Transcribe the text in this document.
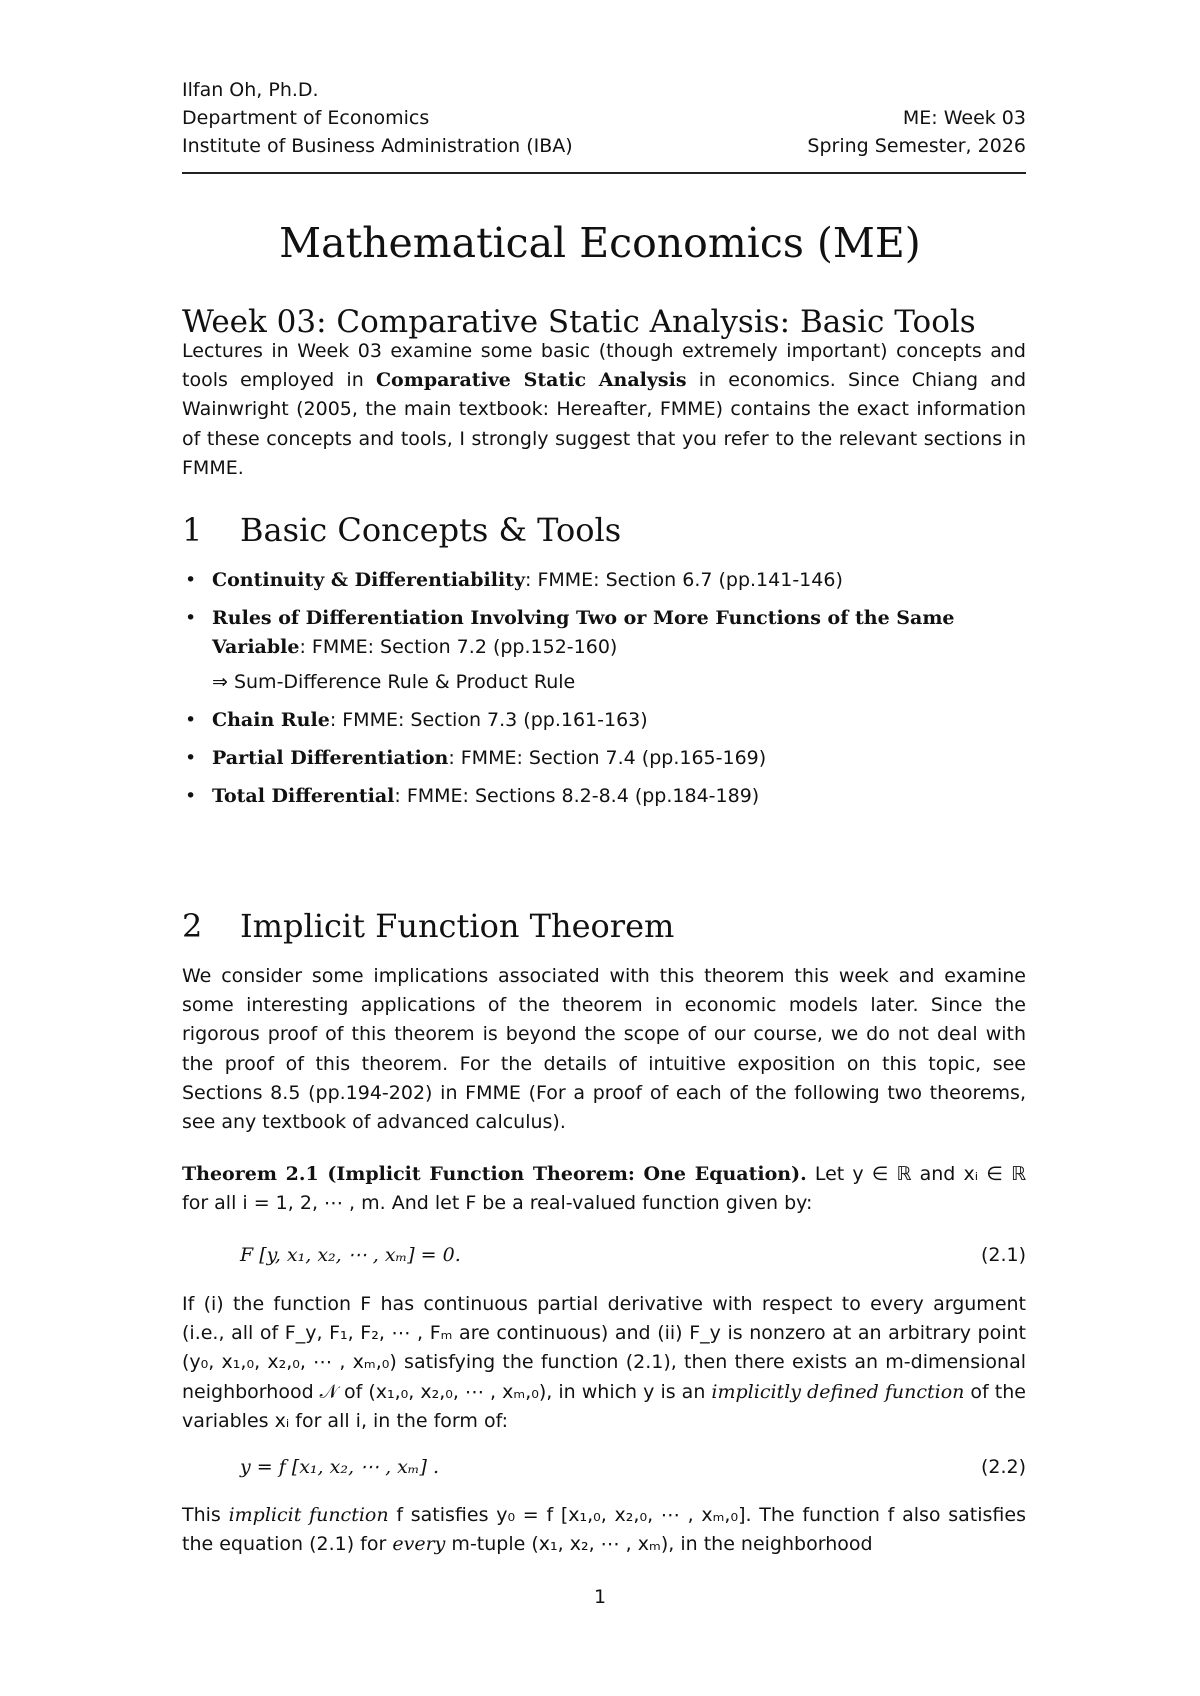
Ilfan Oh, Ph.D.
Department of Economics	ME: Week 03
Institute of Business Administration (IBA)	Spring Semester, 2026
Mathematical Economics (ME)
Week 03: Comparative Static Analysis: Basic Tools
Lectures in Week 03 examine some basic (though extremely important) concepts and tools employed in Comparative Static Analysis in economics. Since Chiang and Wainwright (2005, the main textbook: Hereafter, FMME) contains the exact information of these concepts and tools, I strongly suggest that you refer to the relevant sections in FMME.
1 Basic Concepts & Tools
• Continuity & Differentiability: FMME: Section 6.7 (pp.141-146)
• Rules of Differentiation Involving Two or More Functions of the Same Variable: FMME: Section 7.2 (pp.152-160)
⇒ Sum-Difference Rule & Product Rule
• Chain Rule: FMME: Section 7.3 (pp.161-163)
• Partial Differentiation: FMME: Section 7.4 (pp.165-169)
• Total Differential: FMME: Sections 8.2-8.4 (pp.184-189)
2 Implicit Function Theorem
We consider some implications associated with this theorem this week and examine some interesting applications of the theorem in economic models later. Since the rigorous proof of this theorem is beyond the scope of our course, we do not deal with the proof of this theorem. For the details of intuitive exposition on this topic, see Sections 8.5 (pp.194-202) in FMME (For a proof of each of the following two theorems, see any textbook of advanced calculus).
Theorem 2.1 (Implicit Function Theorem: One Equation). Let y ∈ ℝ and xᵢ ∈ ℝ for all i = 1, 2, ⋯ , m. And let F be a real-valued function given by:
F [y, x₁, x₂, ⋯ , xₘ] = 0.	(2.1)
If (i) the function F has continuous partial derivative with respect to every argument (i.e., all of F_y, F₁, F₂, ⋯ , Fₘ are continuous) and (ii) F_y is nonzero at an arbitrary point (y₀, x₁,₀, x₂,₀, ⋯ , xₘ,₀) satisfying the function (2.1), then there exists an m-dimensional neighborhood 𝒩 of (x₁,₀, x₂,₀, ⋯ , xₘ,₀), in which y is an implicitly defined function of the variables xᵢ for all i, in the form of:
y = f [x₁, x₂, ⋯ , xₘ] .	(2.2)
This implicit function f satisfies y₀ = f [x₁,₀, x₂,₀, ⋯ , xₘ,₀]. The function f also satisfies the equation (2.1) for every m-tuple (x₁, x₂, ⋯ , xₘ), in the neighborhood
1
